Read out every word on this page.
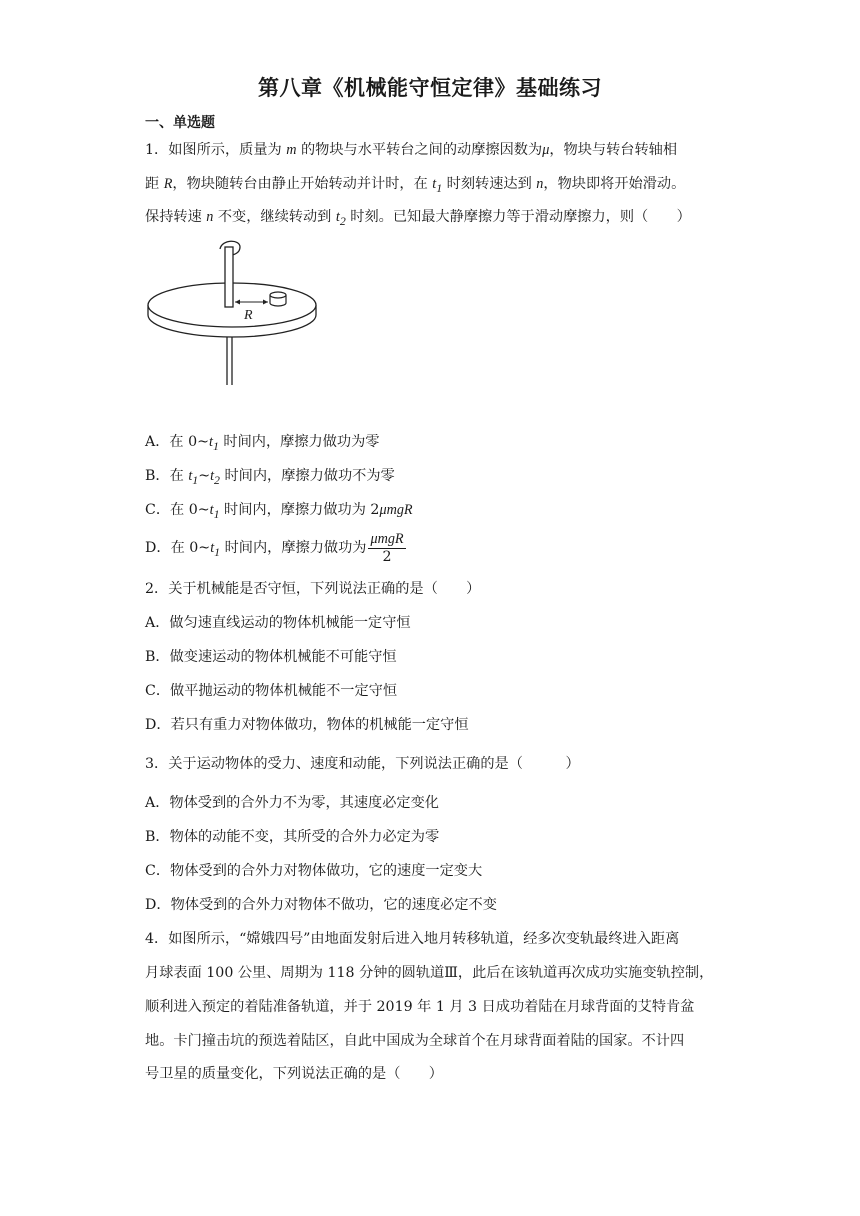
第八章《机械能守恒定律》基础练习
一、单选题
1．如图所示，质量为 m 的物块与水平转台之间的动摩擦因数为μ，物块与转台转轴相
距 R，物块随转台由静止开始转动并计时，在 $t_1$ 时刻转速达到 n，物块即将开始滑动。
保持转速 n 不变，继续转动到 $t_2$ 时刻。已知最大静摩擦力等于滑动摩擦力，则（　　）
R
A．在 $0\sim t_1$ 时间内，摩擦力做功为零
B．在 $t_1\sim t_2$ 时间内，摩擦力做功不为零
C．在 $0\sim t_1$ 时间内，摩擦力做功为 2μmgR
D．在 $0\sim t_1$ 时间内，摩擦力做功为 $\frac{\text{μmgR}}{2}$
2．关于机械能是否守恒，下列说法正确的是（　　）
A．做匀速直线运动的物体机械能一定守恒
B．做变速运动的物体机械能不可能守恒
C．做平抛运动的物体机械能不一定守恒
D．若只有重力对物体做功，物体的机械能一定守恒
3．关于运动物体的受力、速度和动能，下列说法正确的是（　　　）
A．物体受到的合外力不为零，其速度必定变化
B．物体的动能不变，其所受的合外力必定为零
C．物体受到的合外力对物体做功，它的速度一定变大
D．物体受到的合外力对物体不做功，它的速度必定不变
4．如图所示，“嫦娥四号”由地面发射后进入地月转移轨道，经多次变轨最终进入距离
月球表面 100 公里、周期为 118 分钟的圆轨道Ⅲ，此后在该轨道再次成功实施变轨控制，
顺利进入预定的着陆准备轨道，并于 2019 年 1 月 3 日成功着陆在月球背面的艾特肯盆
地。卡门撞击坑的预选着陆区，自此中国成为全球首个在月球背面着陆的国家。不计四
号卫星的质量变化，下列说法正确的是（　　）
